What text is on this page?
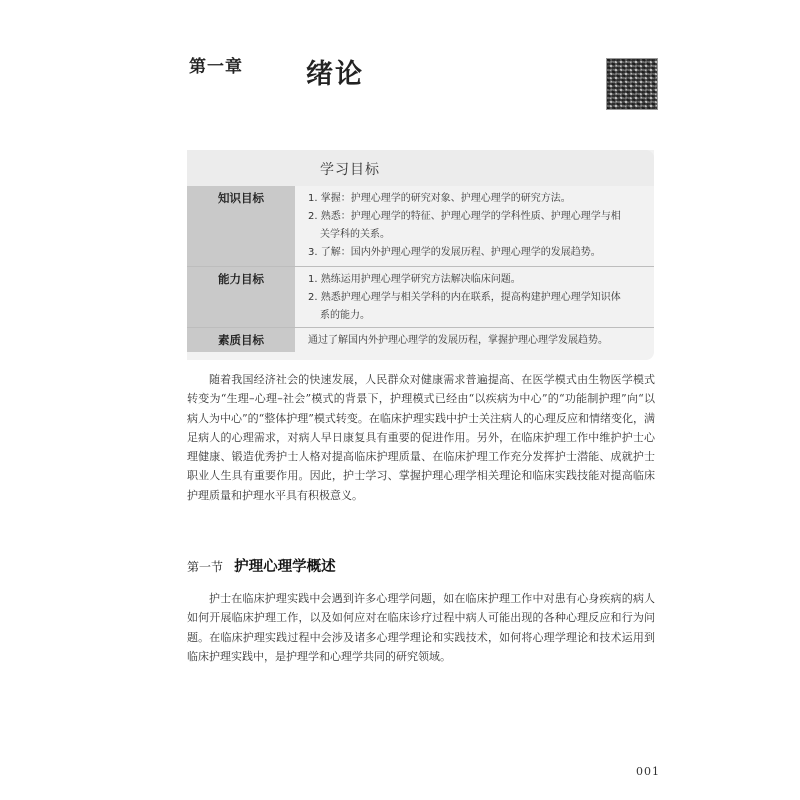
第一章 绪论
学习目标
知识目标	1. 掌握：护理心理学的研究对象、护理心理学的研究方法。
2. 熟悉：护理心理学的特征、护理心理学的学科性质、护理心理学与相
关学科的关系。
3. 了解：国内外护理心理学的发展历程、护理心理学的发展趋势。
能力目标	1. 熟练运用护理心理学研究方法解决临床问题。
2. 熟悉护理心理学与相关学科的内在联系，提高构建护理心理学知识体
系的能力。
素质目标	通过了解国内外护理心理学的发展历程，掌握护理心理学发展趋势。

随着我国经济社会的快速发展，人民群众对健康需求普遍提高、在医学模式由生物医学模式转变为“生理–心理–社会”模式的背景下，护理模式已经由“以疾病为中心”的“功能制护理”向“以病人为中心”的“整体护理”模式转变。在临床护理实践中护士关注病人的心理反应和情绪变化，满足病人的心理需求，对病人早日康复具有重要的促进作用。另外，在临床护理工作中维护护士心理健康、锻造优秀护士人格对提高临床护理质量、在临床护理工作充分发挥护士潜能、成就护士职业人生具有重要作用。因此，护士学习、掌握护理心理学相关理论和临床实践技能对提高临床护理质量和护理水平具有积极意义。

第一节 护理心理学概述

护士在临床护理实践中会遇到许多心理学问题，如在临床护理工作中对患有心身疾病的病人如何开展临床护理工作，以及如何应对在临床诊疗过程中病人可能出现的各种心理反应和行为问题。在临床护理实践过程中会涉及诸多心理学理论和实践技术，如何将心理学理论和技术运用到临床护理实践中，是护理学和心理学共同的研究领域。

001
